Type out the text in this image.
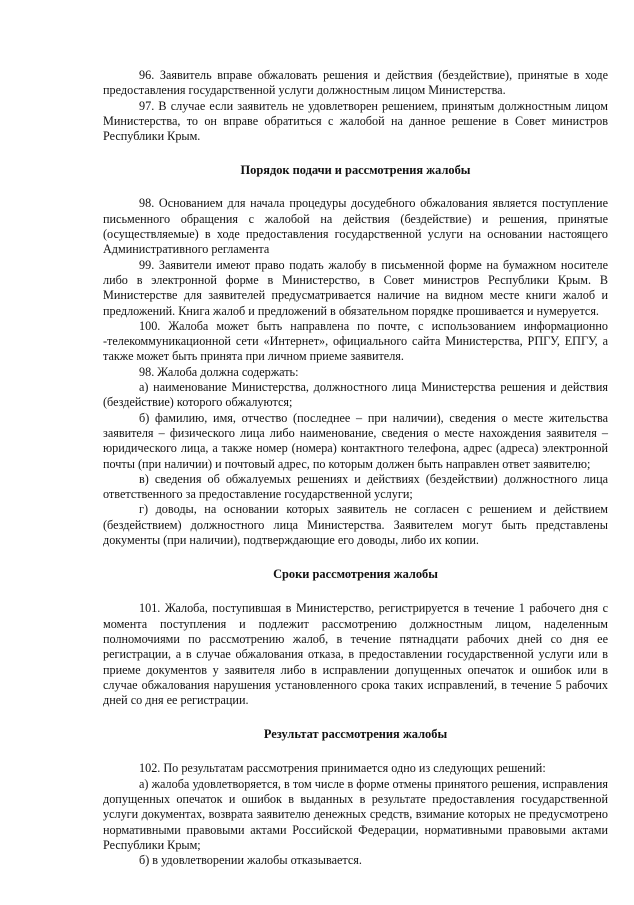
96. Заявитель вправе обжаловать решения и действия (бездействие), принятые в ходе предоставления государственной услуги должностным лицом Министерства.

97. В случае если заявитель не удовлетворен решением, принятым должностным лицом Министерства, то он вправе обратиться с жалобой на данное решение в Совет министров Республики Крым.

Порядок подачи и рассмотрения жалобы

98. Основанием для начала процедуры досудебного обжалования является поступление письменного обращения с жалобой на действия (бездействие) и решения, принятые (осуществляемые) в ходе предоставления государственной услуги на основании настоящего Административного регламента

99. Заявители имеют право подать жалобу в письменной форме на бумажном носителе либо в электронной форме в Министерство, в Совет министров Республики Крым. В Министерстве для заявителей предусматривается наличие на видном месте книги жалоб и предложений. Книга жалоб и предложений в обязательном порядке прошивается и нумеруется.

100. Жалоба может быть направлена по почте, с использованием информационно -телекоммуникационной сети «Интернет», официального сайта Министерства, РПГУ, ЕПГУ, а также может быть принята при личном приеме заявителя.

98. Жалоба должна содержать:

а) наименование Министерства, должностного лица Министерства решения и действия (бездействие) которого обжалуются;

б) фамилию, имя, отчество (последнее – при наличии), сведения о месте жительства заявителя – физического лица либо наименование, сведения о месте нахождения заявителя – юридического лица, а также номер (номера) контактного телефона, адрес (адреса) электронной почты (при наличии) и почтовый адрес, по которым должен быть направлен ответ заявителю;

в) сведения об обжалуемых решениях и действиях (бездействии) должностного лица ответственного за предоставление государственной услуги;

г) доводы, на основании которых заявитель не согласен с решением и действием (бездействием) должностного лица Министерства. Заявителем могут быть представлены документы (при наличии), подтверждающие его доводы, либо их копии.

Сроки рассмотрения жалобы

101. Жалоба, поступившая в Министерство, регистрируется в течение 1 рабочего дня с момента поступления и подлежит рассмотрению должностным лицом, наделенным полномочиями по рассмотрению жалоб, в течение пятнадцати рабочих дней со дня ее регистрации, а в случае обжалования отказа, в предоставлении государственной услуги или в приеме документов у заявителя либо в исправлении допущенных опечаток и ошибок или в случае обжалования нарушения установленного срока таких исправлений, в течение 5 рабочих дней со дня ее регистрации.

Результат рассмотрения жалобы

102. По результатам рассмотрения принимается одно из следующих решений:

а) жалоба удовлетворяется, в том числе в форме отмены принятого решения, исправления допущенных опечаток и ошибок в выданных в результате предоставления государственной услуги документах, возврата заявителю денежных средств, взимание которых не предусмотрено нормативными правовыми актами Российской Федерации, нормативными правовыми актами Республики Крым;

б) в удовлетворении жалобы отказывается.
